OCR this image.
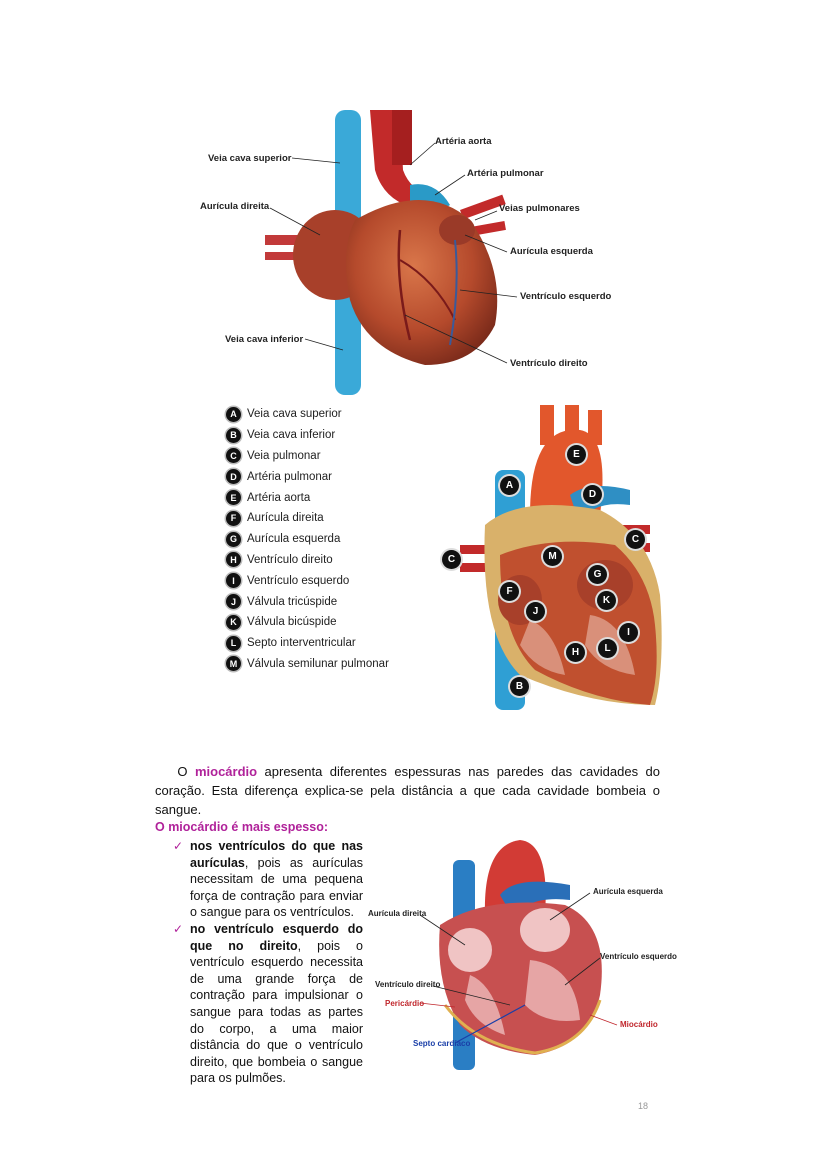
Veia cava superior
Aurícula direita
Veia cava inferior
Artéria aorta
Artéria pulmonar
Veias pulmonares
Aurícula esquerda
Ventrículo esquerdo
Ventrículo direito
A Veia cava superior
B Veia cava inferior
C Veia pulmonar
D Artéria pulmonar
E Artéria aorta
F Aurícula direita
G Aurícula esquerda
H Ventrículo direito
I	Ventrículo esquerdo
J Válvula tricúspide
K Válvula bicúspide
L Septo interventricular
M Válvula semilunar pulmonar
E
A
D
C
C
M
G
F
K
J
I
H	L
B
O miocárdio apresenta diferentes espessuras nas paredes das cavidades do coração. Esta diferença explica-se pela distância a que cada cavidade bombeia o sangue.
O miocárdio é mais espesso:
✓ nos ventrículos do que nas aurículas, pois as aurículas necessitam de uma pequena força de contração para enviar o sangue para os ventrículos.
✓ no ventrículo esquerdo do que no direito, pois o ventrículo esquerdo necessita de uma grande força de contração para impulsionar o sangue para todas as partes do corpo, a uma maior distância do que o ventrículo direito, que bombeia o sangue para os pulmões.
Aurícula esquerda
Aurícula direita
Ventrículo esquerdo
Ventrículo direito
Pericárdio
Miocárdio
Septo cardíaco
18
